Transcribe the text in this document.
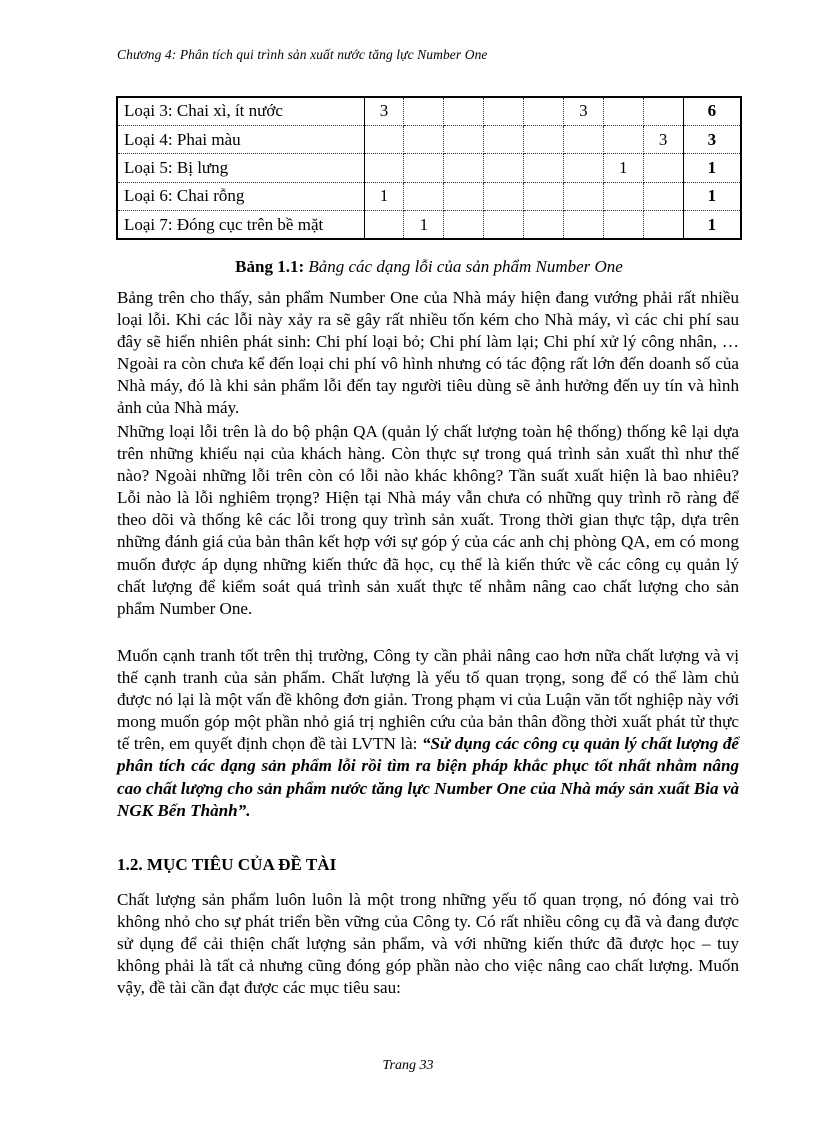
Chương 4: Phân tích qui trình sản xuất nước tăng lực Number One
Loại 3: Chai xì, ít nước	3					3			6
Loại 4: Phai màu								3	3
Loại 5: Bị lưng							1		1
Loại 6: Chai rỗng	1								1
Loại 7: Đóng cục trên bề mặt		1							1
Bảng 1.1: Bảng các dạng lỗi của sản phẩm Number One

Bảng trên cho thấy, sản phẩm Number One của Nhà máy hiện đang vướng phải rất nhiều loại lỗi. Khi các lỗi này xảy ra sẽ gây rất nhiều tốn kém cho Nhà máy, vì các chi phí sau đây sẽ hiển nhiên phát sinh: Chi phí loại bỏ; Chi phí làm lại; Chi phí xử lý công nhân, … Ngoài ra còn chưa kể đến loại chi phí vô hình nhưng có tác động rất lớn đến doanh số của Nhà máy, đó là khi sản phẩm lỗi đến tay người tiêu dùng sẽ ảnh hưởng đến uy tín và hình ảnh của Nhà máy.

Những loại lỗi trên là do bộ phận QA (quản lý chất lượng toàn hệ thống) thống kê lại dựa trên những khiếu nại của khách hàng. Còn thực sự trong quá trình sản xuất thì như thế nào? Ngoài những lỗi trên còn có lỗi nào khác không? Tần suất xuất hiện là bao nhiêu? Lỗi nào là lỗi nghiêm trọng? Hiện tại Nhà máy vẫn chưa có những quy trình rõ ràng để theo dõi và thống kê các lỗi trong quy trình sản xuất. Trong thời gian thực tập, dựa trên những đánh giá của bản thân kết hợp với sự góp ý của các anh chị phòng QA, em có mong muốn được áp dụng những kiến thức đã học, cụ thể là kiến thức về các công cụ quản lý chất lượng để kiểm soát quá trình sản xuất thực tế nhằm nâng cao chất lượng cho sản phẩm Number One.

Muốn cạnh tranh tốt trên thị trường, Công ty cần phải nâng cao hơn nữa chất lượng và vị thế cạnh tranh của sản phẩm. Chất lượng là yếu tố quan trọng, song để có thể làm chủ được nó lại là một vấn đề không đơn giản. Trong phạm vi của Luận văn tốt nghiệp này với mong muốn góp một phần nhỏ giá trị nghiên cứu của bản thân đồng thời xuất phát từ thực tế trên, em quyết định chọn đề tài LVTN là: “Sử dụng các công cụ quản lý chất lượng để phân tích các dạng sản phẩm lỗi rồi tìm ra biện pháp khắc phục tốt nhất nhằm nâng cao chất lượng cho sản phẩm nước tăng lực Number One của Nhà máy sản xuất Bia và NGK Bến Thành”.

1.2. MỤC TIÊU CỦA ĐỀ TÀI

Chất lượng sản phẩm luôn luôn là một trong những yếu tố quan trọng, nó đóng vai trò không nhỏ cho sự phát triển bền vững của Công ty. Có rất nhiều công cụ đã và đang được sử dụng để cải thiện chất lượng sản phẩm, và với những kiến thức đã được học – tuy không phải là tất cả nhưng cũng đóng góp phần nào cho việc nâng cao chất lượng. Muốn vậy, đề tài cần đạt được các mục tiêu sau:

Trang 33
